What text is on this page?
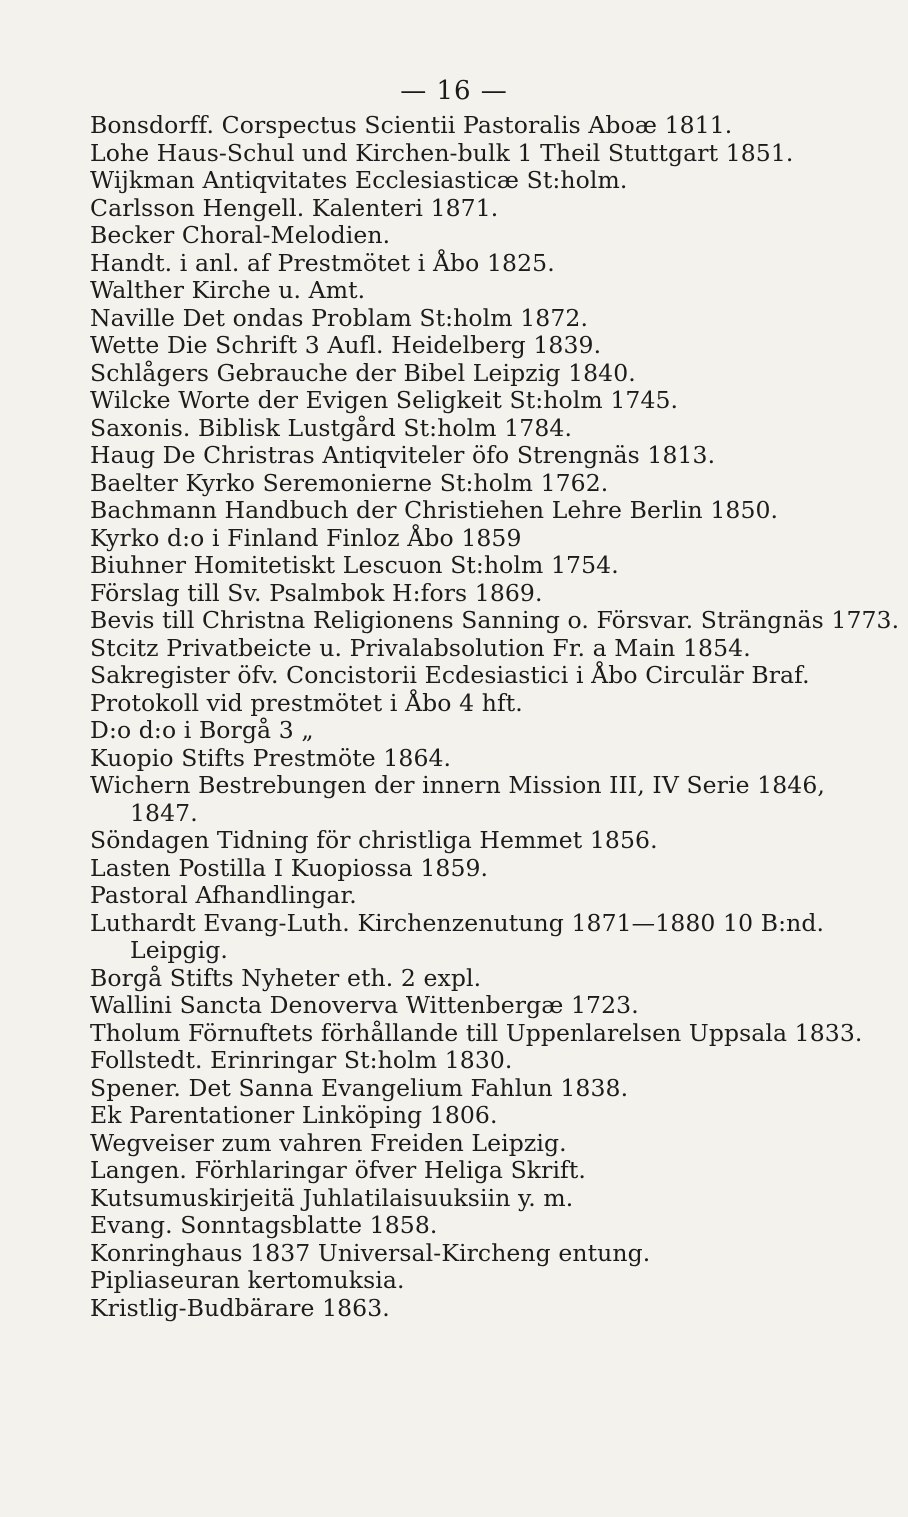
— 16 —
Bonsdorff. Corspectus Scientii Pastoralis Aboæ 1811.
Lohe Haus-Schul und Kirchen-bulk 1 Theil Stuttgart 1851.
Wijkman Antiqvitates Ecclesiasticæ St:holm.
Carlsson Hengell. Kalenteri 1871.
Becker Choral-Melodien.
Handt. i anl. af Prestmötet i Åbo 1825.
Walther Kirche u. Amt.
Naville Det ondas Problam St:holm 1872.
Wette Die Schrift 3 Aufl. Heidelberg 1839.
Schlågers Gebrauche der Bibel Leipzig 1840.
Wilcke Worte der Evigen Seligkeit St:holm 1745.
Saxonis. Biblisk Lustgård St:holm 1784.
Haug De Christras Antiqviteler öfo Strengnäs 1813.
Baelter Kyrko Seremonierne St:holm 1762.
Bachmann Handbuch der Christiehen Lehre Berlin 1850.
Kyrko d:o i Finland Finloz Åbo 1859
Biuhner Homitetiskt Lescuon St:holm 1754.
Förslag till Sv. Psalmbok H:fors 1869.
Bevis till Christna Religionens Sanning o. Försvar. Strängnäs 1773.
Stcitz Privatbeicte u. Privalabsolution Fr. a Main 1854.
Sakregister öfv. Concistorii Ecdesiastici i Åbo Circulär Braf.
Protokoll vid prestmötet i Åbo 4 hft.
D:o d:o i Borgå 3 „
Kuopio Stifts Prestmöte 1864.
Wichern Bestrebungen der innern Mission III, IV Serie 1846,
1847.
Söndagen Tidning för christliga Hemmet 1856.
Lasten Postilla I Kuopiossa 1859.
Pastoral Afhandlingar.
Luthardt Evang-Luth. Kirchenzenutung 1871—1880 10 B:nd.
Leipgig.
Borgå Stifts Nyheter eth. 2 expl.
Wallini Sancta Denoverva Wittenbergæ 1723.
Tholum Förnuftets förhållande till Uppenlarelsen Uppsala 1833.
Follstedt. Erinringar St:holm 1830.
Spener. Det Sanna Evangelium Fahlun 1838.
Ek Parentationer Linköping 1806.
Wegveiser zum vahren Freiden Leipzig.
Langen. Förhlaringar öfver Heliga Skrift.
Kutsumuskirjeitä Juhlatilaisuuksiin y. m.
Evang. Sonntagsblatte 1858.
Konringhaus 1837 Universal-Kircheng entung.
Pipliaseuran kertomuksia.
Kristlig-Budbärare 1863.
